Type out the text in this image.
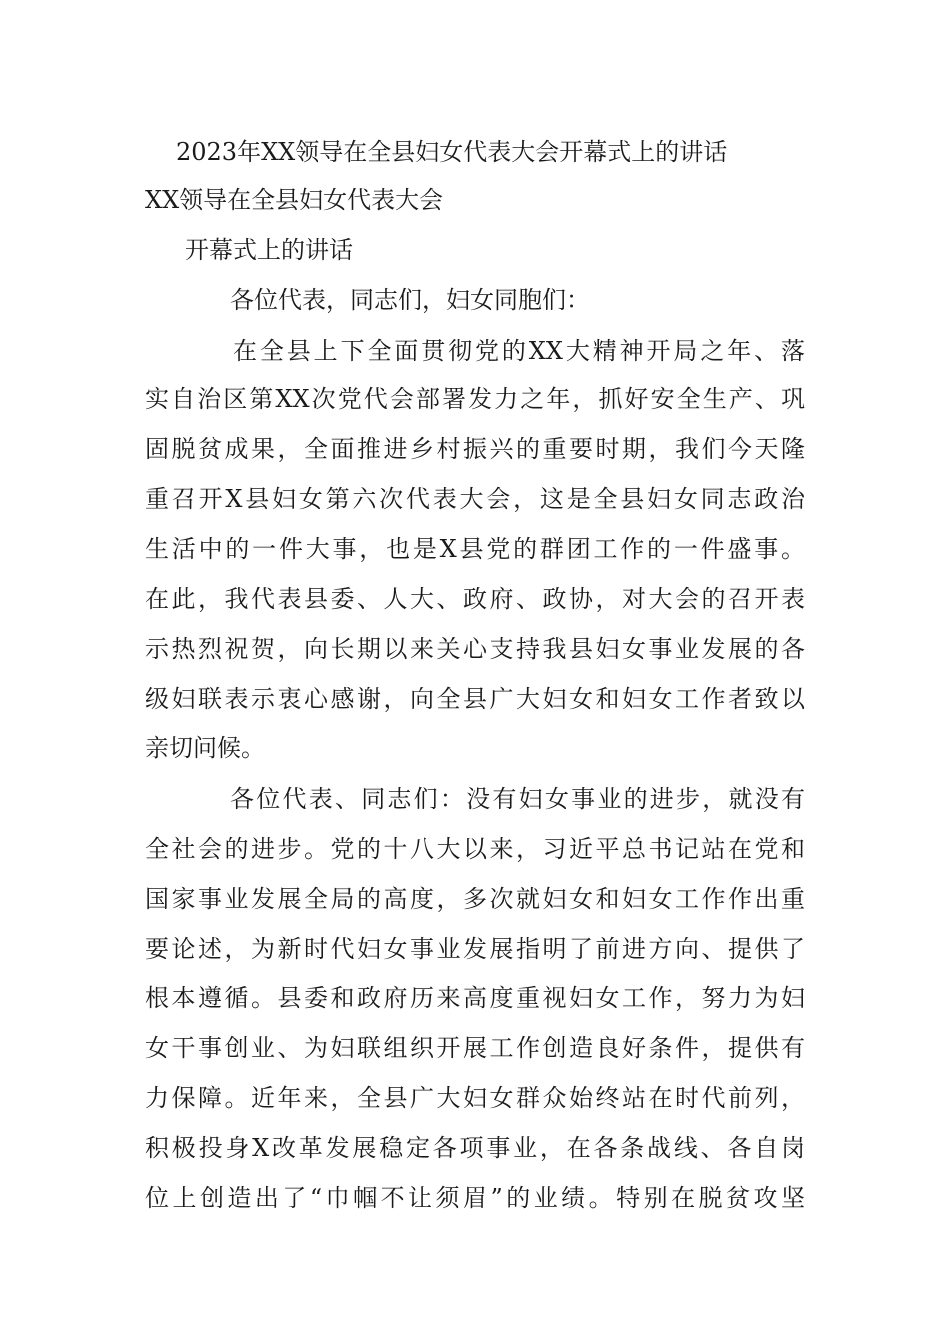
2023年XX领导在全县妇女代表大会开幕式上的讲话
XX领导在全县妇女代表大会
开幕式上的讲话
各位代表，同志们，妇女同胞们：
在全县上下全面贯彻党的XX大精神开局之年、落
实自治区第XX次党代会部署发力之年，抓好安全生产、巩
固脱贫成果，全面推进乡村振兴的重要时期，我们今天隆
重召开X县妇女第六次代表大会，这是全县妇女同志政治
生活中的一件大事，也是X县党的群团工作的一件盛事。
在此，我代表县委、人大、政府、政协，对大会的召开表
示热烈祝贺，向长期以来关心支持我县妇女事业发展的各
级妇联表示衷心感谢，向全县广大妇女和妇女工作者致以
亲切问候。
各位代表、同志们：没有妇女事业的进步，就没有
全社会的进步。党的十八大以来，习近平总书记站在党和
国家事业发展全局的高度，多次就妇女和妇女工作作出重
要论述，为新时代妇女事业发展指明了前进方向、提供了
根本遵循。县委和政府历来高度重视妇女工作，努力为妇
女干事创业、为妇联组织开展工作创造良好条件，提供有
力保障。近年来，全县广大妇女群众始终站在时代前列，
积极投身X改革发展稳定各项事业，在各条战线、各自岗
位上创造出了“巾帼不让须眉”的业绩。特别在脱贫攻坚
